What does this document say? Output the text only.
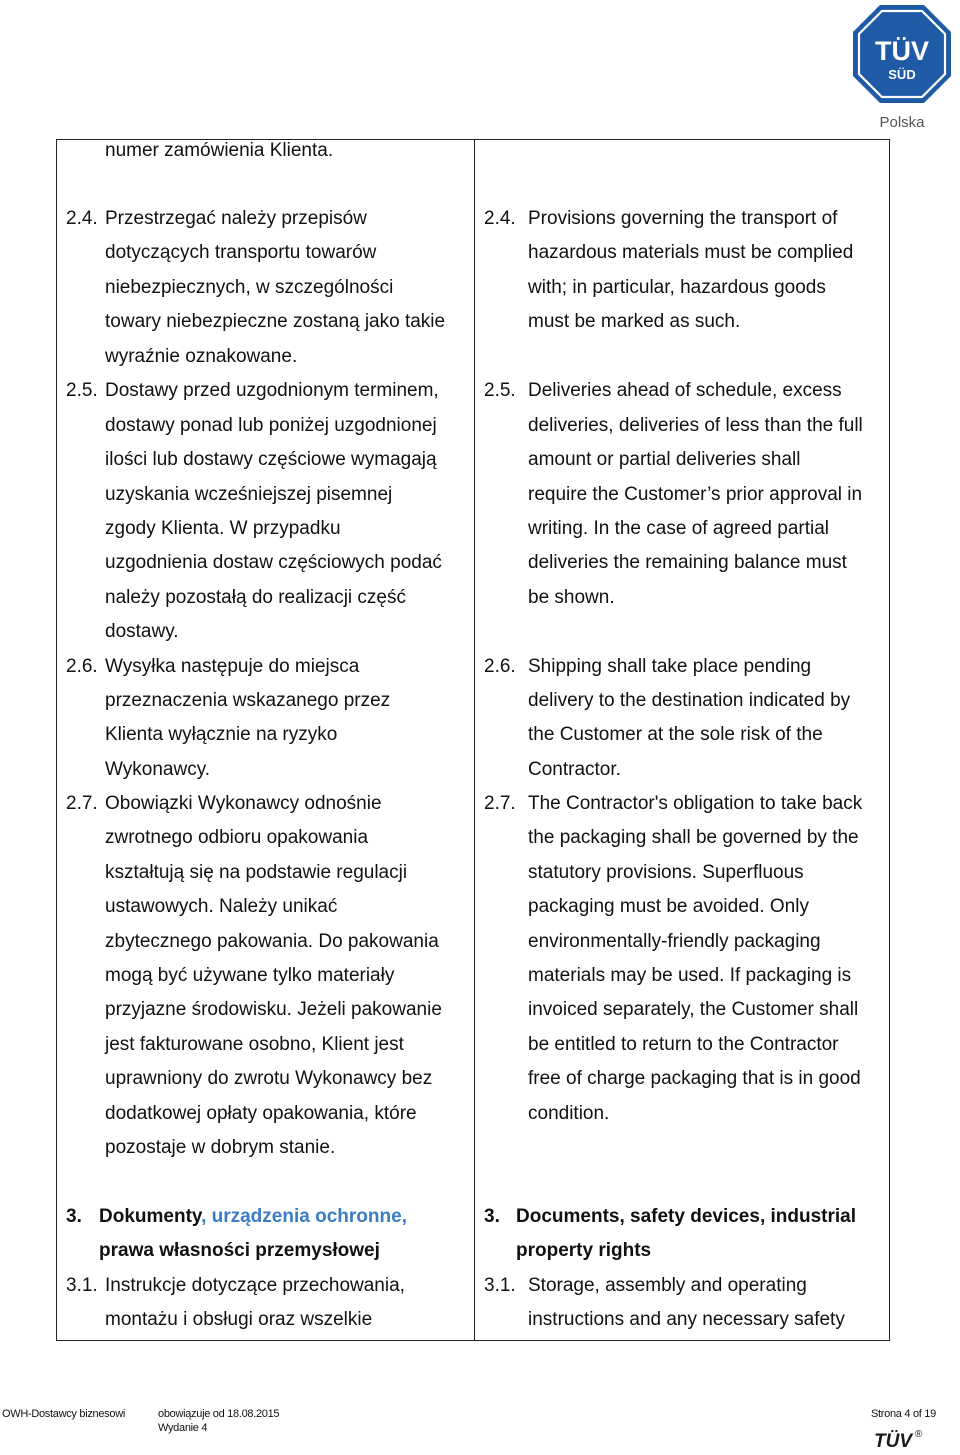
TÜV
SÜD
Polska
numer zamówienia Klienta.
2.4. Przestrzegać należy przepisów
dotyczących transportu towarów
niebezpiecznych, w szczególności
towary niebezpieczne zostaną jako takie
wyraźnie oznakowane.
2.5. Dostawy przed uzgodnionym terminem,
dostawy ponad lub poniżej uzgodnionej
ilości lub dostawy częściowe wymagają
uzyskania wcześniejszej pisemnej
zgody Klienta. W przypadku
uzgodnienia dostaw częściowych podać
należy pozostałą do realizacji część
dostawy.
2.6. Wysyłka następuje do miejsca
przeznaczenia wskazanego przez
Klienta wyłącznie na ryzyko
Wykonawcy.
2.7. Obowiązki Wykonawcy odnośnie
zwrotnego odbioru opakowania
kształtują się na podstawie regulacji
ustawowych. Należy unikać
zbytecznego pakowania. Do pakowania
mogą być używane tylko materiały
przyjazne środowisku. Jeżeli pakowanie
jest fakturowane osobno, Klient jest
uprawniony do zwrotu Wykonawcy bez
dodatkowej opłaty opakowania, które
pozostaje w dobrym stanie.
3. Dokumenty, urządzenia ochronne,
prawa własności przemysłowej
3.1. Instrukcje dotyczące przechowania,
montażu i obsługi oraz wszelkie
2.4. Provisions governing the transport of
hazardous materials must be complied
with; in particular, hazardous goods
must be marked as such.
2.5. Deliveries ahead of schedule, excess
deliveries, deliveries of less than the full
amount or partial deliveries shall
require the Customer’s prior approval in
writing. In the case of agreed partial
deliveries the remaining balance must
be shown.
2.6. Shipping shall take place pending
delivery to the destination indicated by
the Customer at the sole risk of the
Contractor.
2.7. The Contractor's obligation to take back
the packaging shall be governed by the
statutory provisions. Superfluous
packaging must be avoided. Only
environmentally-friendly packaging
materials may be used. If packaging is
invoiced separately, the Customer shall
be entitled to return to the Contractor
free of charge packaging that is in good
condition.
3. Documents, safety devices, industrial
property rights
3.1. Storage, assembly and operating
instructions and any necessary safety
OWH-Dostawcy biznesowi	obowiązuje od 18.08.2015
Wydanie 4
Strona 4 of 19
TÜV ®
